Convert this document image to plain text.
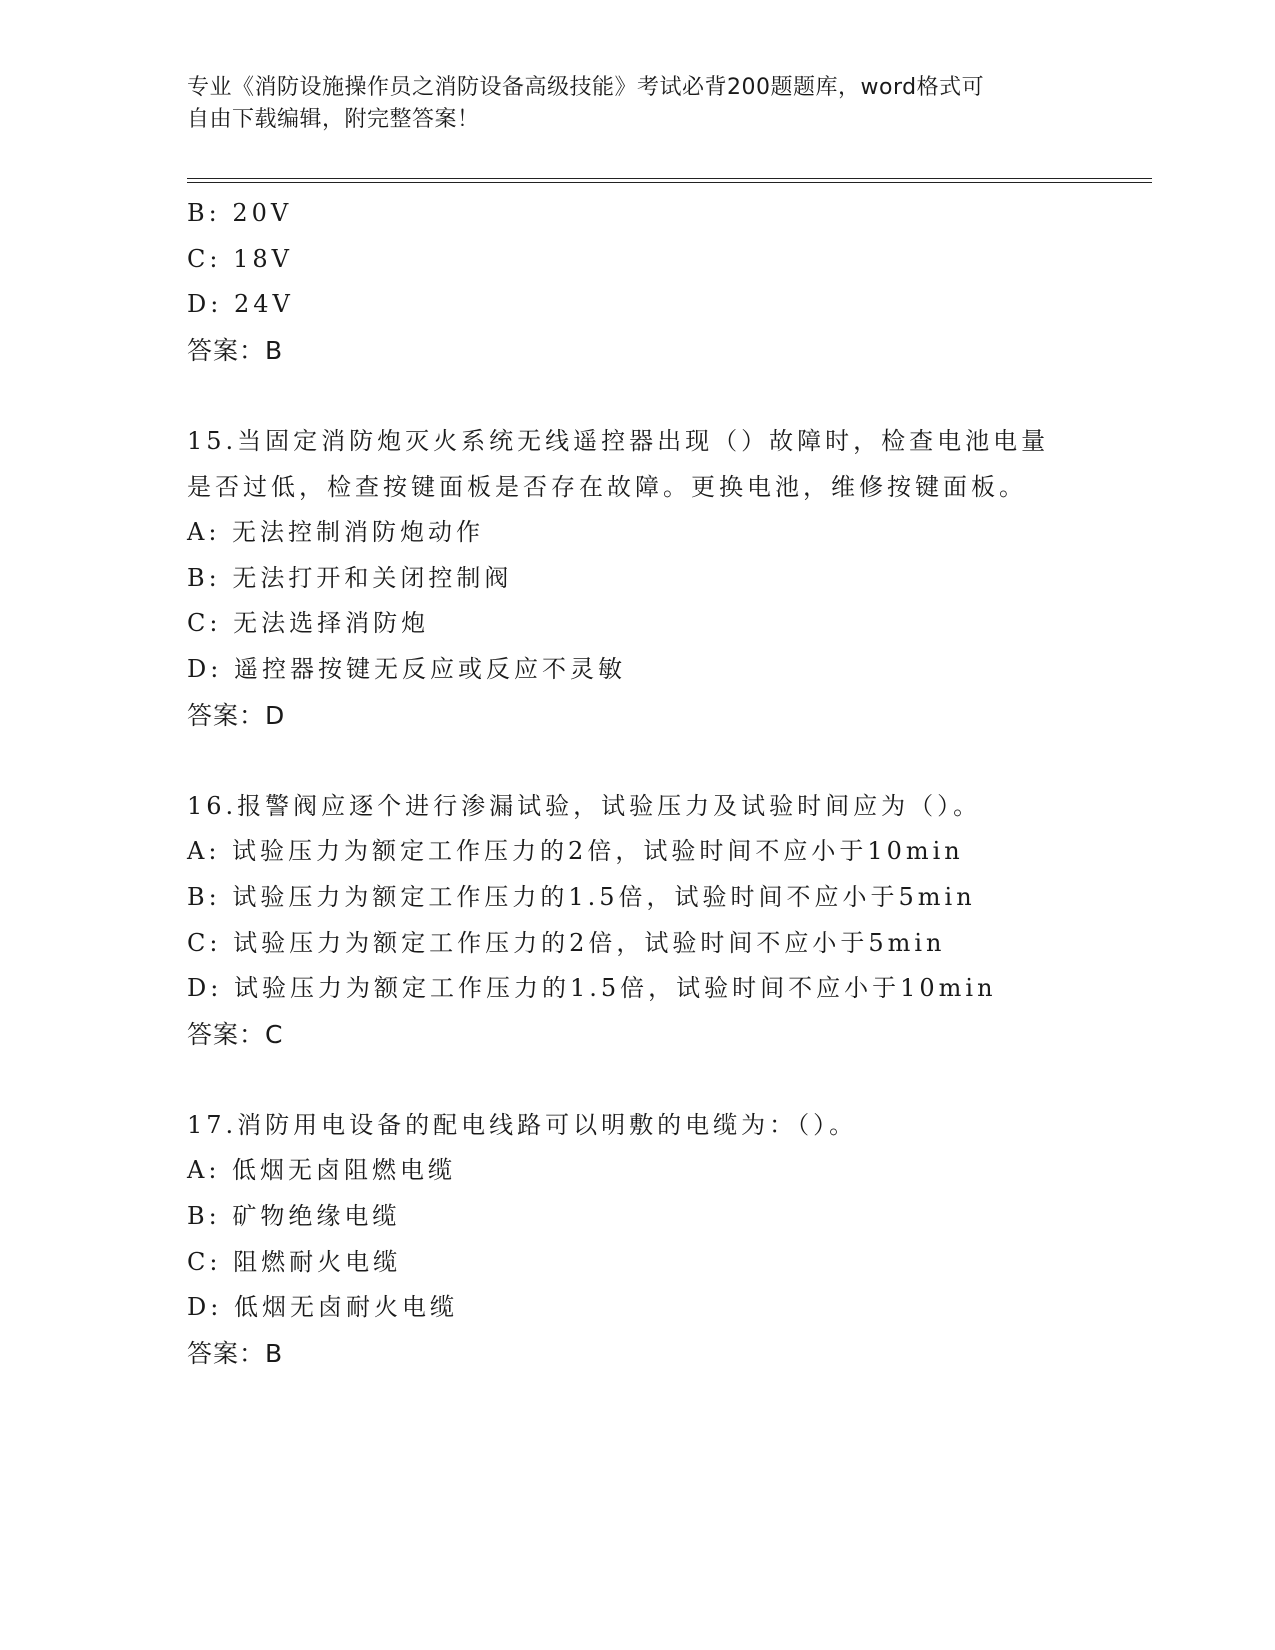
专业《消防设施操作员之消防设备高级技能》考试必背200题题库，word格式可
自由下载编辑，附完整答案！
B: 20V
C: 18V
D: 24V
答案：B
15.当固定消防炮灭火系统无线遥控器出现（）故障时，检查电池电量
是否过低，检查按键面板是否存在故障。更换电池，维修按键面板。
A: 无法控制消防炮动作
B: 无法打开和关闭控制阀
C: 无法选择消防炮
D: 遥控器按键无反应或反应不灵敏
答案：D
16.报警阀应逐个进行渗漏试验，试验压力及试验时间应为（）。
A: 试验压力为额定工作压力的2倍，试验时间不应小于10min
B: 试验压力为额定工作压力的1.5倍，试验时间不应小于5min
C: 试验压力为额定工作压力的2倍，试验时间不应小于5min
D: 试验压力为额定工作压力的1.5倍，试验时间不应小于10min
答案：C
17.消防用电设备的配电线路可以明敷的电缆为：（）。
A: 低烟无卤阻燃电缆
B: 矿物绝缘电缆
C: 阻燃耐火电缆
D: 低烟无卤耐火电缆
答案：B
